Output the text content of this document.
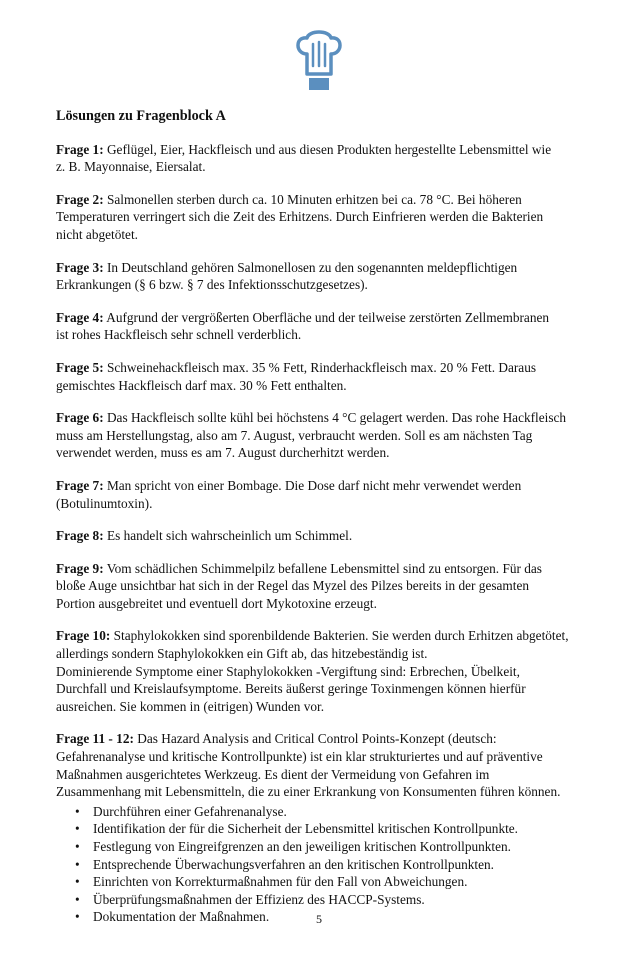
Lösungen zu Fragenblock A
Frage 1: Geflügel, Eier, Hackfleisch und aus diesen Produkten hergestellte Lebensmittel wie
z. B. Mayonnaise, Eiersalat.
Frage 2: Salmonellen sterben durch ca. 10 Minuten erhitzen bei ca. 78 °C. Bei höheren
Temperaturen verringert sich die Zeit des Erhitzens. Durch Einfrieren werden die Bakterien
nicht abgetötet.
Frage 3: In Deutschland gehören Salmonellosen zu den sogenannten meldepflichtigen
Erkrankungen (§ 6 bzw. § 7 des Infektionsschutzgesetzes).
Frage 4: Aufgrund der vergrößerten Oberfläche und der teilweise zerstörten Zellmembranen
ist rohes Hackfleisch sehr schnell verderblich.
Frage 5: Schweinehackfleisch max. 35 % Fett, Rinderhackfleisch max. 20 % Fett. Daraus
gemischtes Hackfleisch darf max. 30 % Fett enthalten.
Frage 6: Das Hackfleisch sollte kühl bei höchstens 4 °C gelagert werden. Das rohe Hackfleisch
muss am Herstellungstag, also am 7. August, verbraucht werden. Soll es am nächsten Tag
verwendet werden, muss es am 7. August durcherhitzt werden.
Frage 7: Man spricht von einer Bombage. Die Dose darf nicht mehr verwendet werden
(Botulinumtoxin).
Frage 8: Es handelt sich wahrscheinlich um Schimmel.
Frage 9: Vom schädlichen Schimmelpilz befallene Lebensmittel sind zu entsorgen. Für das
bloße Auge unsichtbar hat sich in der Regel das Myzel des Pilzes bereits in der gesamten
Portion ausgebreitet und eventuell dort Mykotoxine erzeugt.
Frage 10: Staphylokokken sind sporenbildende Bakterien. Sie werden durch Erhitzen abgetötet,
allerdings sondern Staphylokokken ein Gift ab, das hitzebeständig ist.
Dominierende Symptome einer Staphylokokken -Vergiftung sind: Erbrechen, Übelkeit,
Durchfall und Kreislaufsymptome. Bereits äußerst geringe Toxinmengen können hierfür
ausreichen. Sie kommen in (eitrigen) Wunden vor.
Frage 11 - 12: Das Hazard Analysis and Critical Control Points-Konzept (deutsch:
Gefahrenanalyse und kritische Kontrollpunkte) ist ein klar strukturiertes und auf präventive
Maßnahmen ausgerichtetes Werkzeug. Es dient der Vermeidung von Gefahren im
Zusammenhang mit Lebensmitteln, die zu einer Erkrankung von Konsumenten führen können.
• Durchführen einer Gefahrenanalyse.
• Identifikation der für die Sicherheit der Lebensmittel kritischen Kontrollpunkte.
• Festlegung von Eingreifgrenzen an den jeweiligen kritischen Kontrollpunkten.
• Entsprechende Überwachungsverfahren an den kritischen Kontrollpunkten.
• Einrichten von Korrekturmaßnahmen für den Fall von Abweichungen.
• Überprüfungsmaßnahmen der Effizienz des HACCP-Systems.
• Dokumentation der Maßnahmen.	5
